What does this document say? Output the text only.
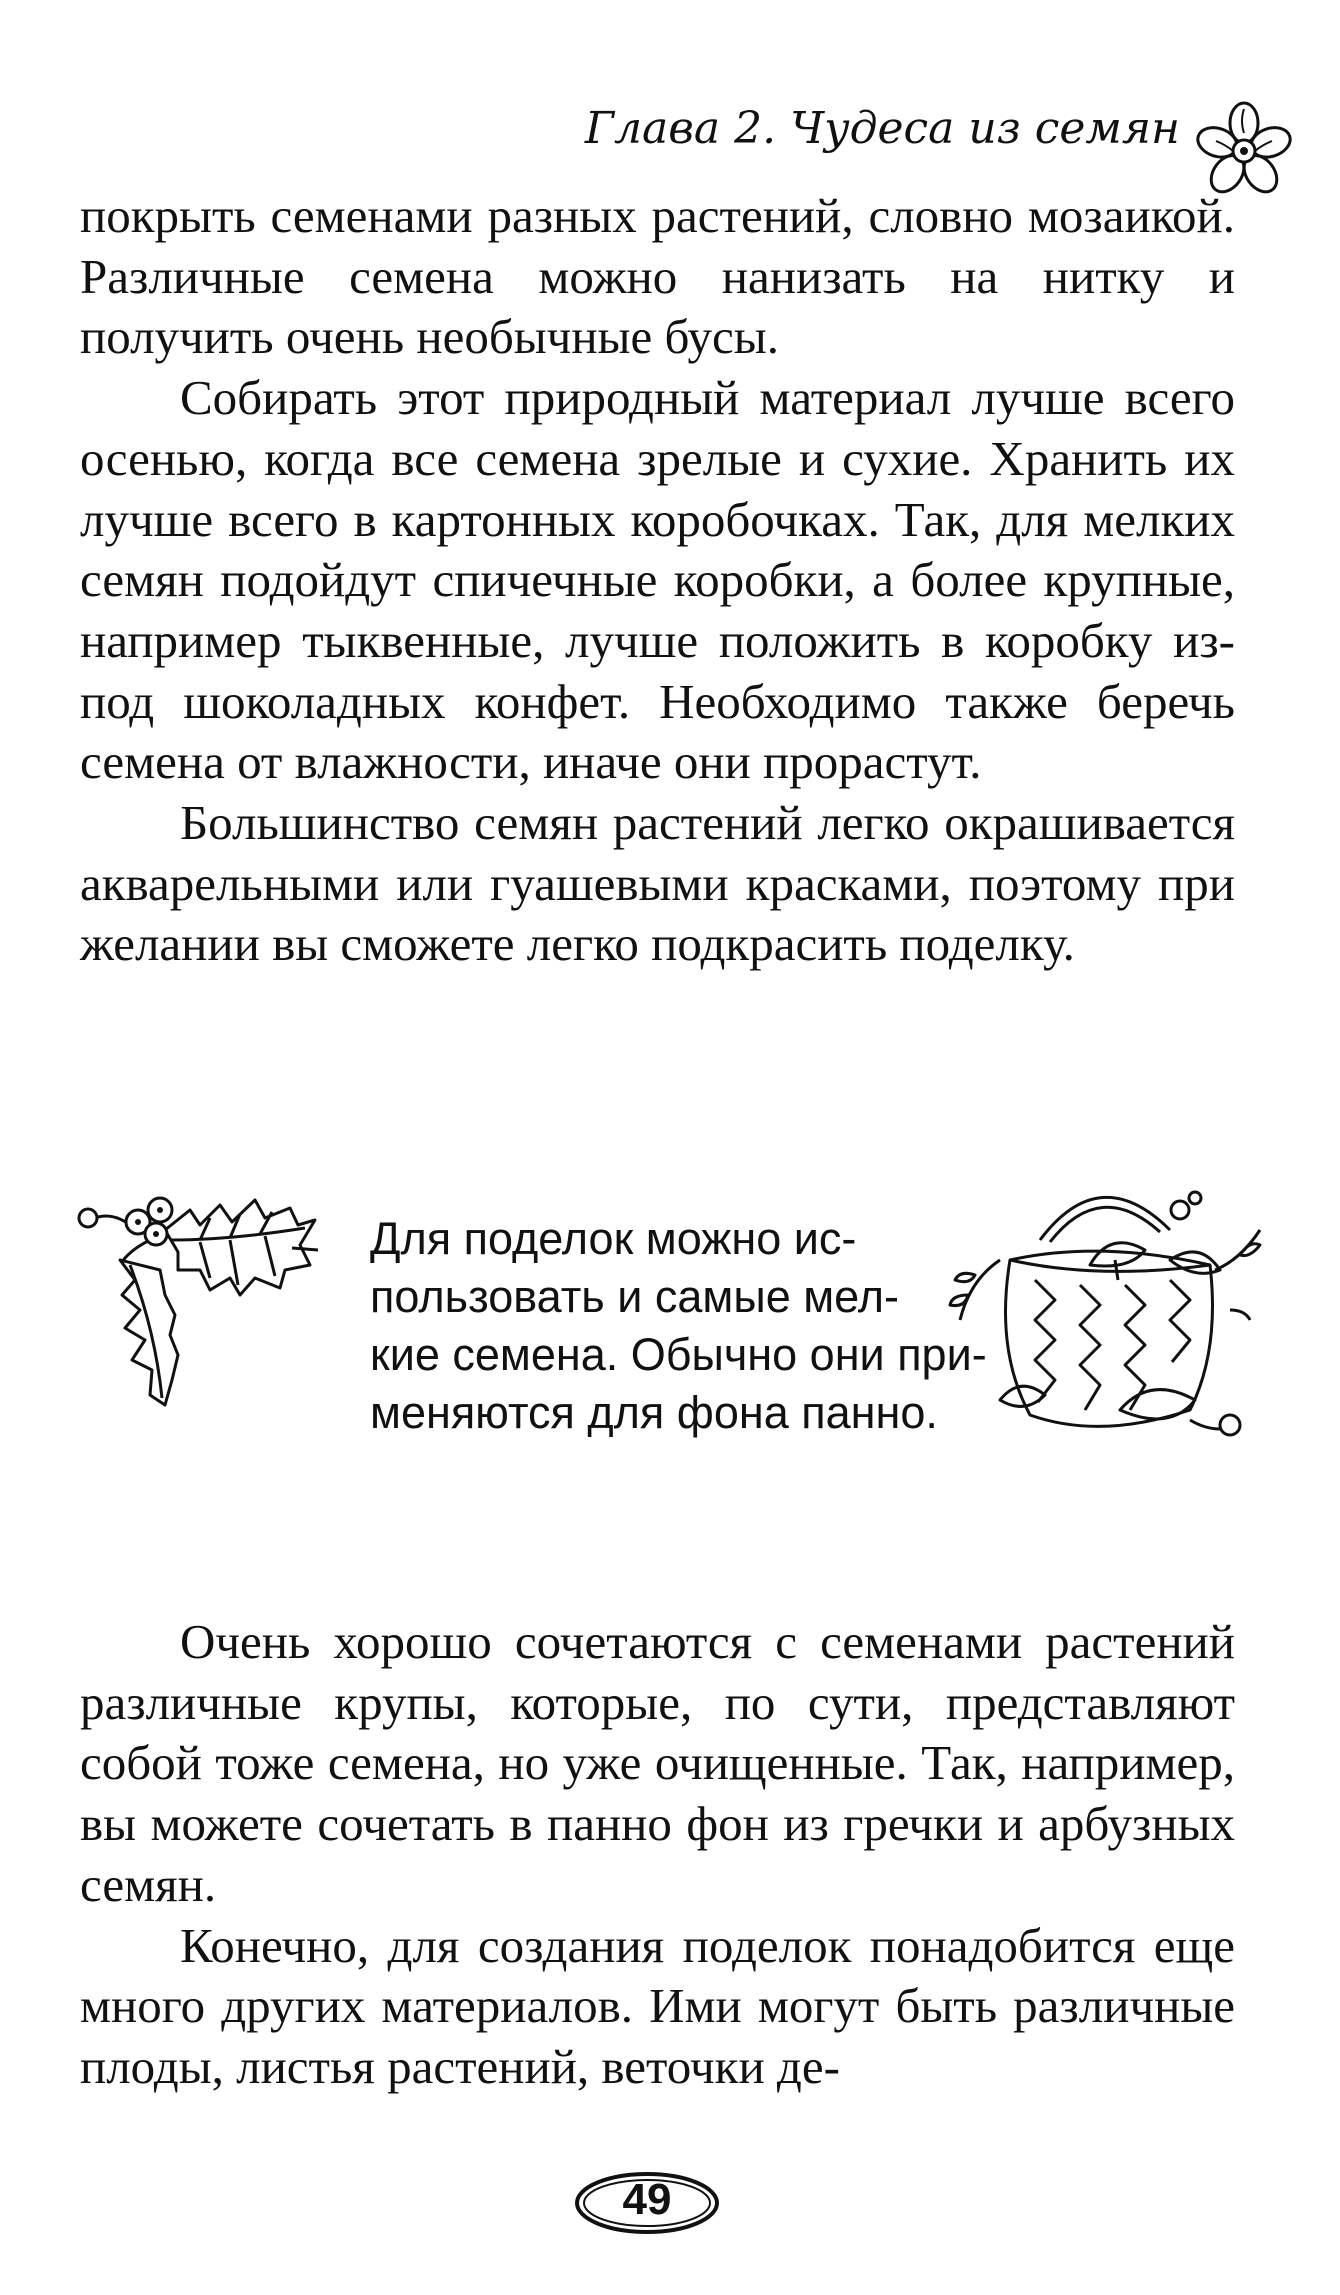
Глава 2. Чудеса из семян

покрыть семенами разных растений, словно мозаикой. Различные семена можно нанизать на нитку и получить очень необычные бусы.

Собирать этот природный материал лучше всего осенью, когда все семена зрелые и сухие. Хранить их лучше всего в картонных коробочках. Так, для мелких семян подойдут спичечные коробки, а более крупные, например тыквенные, лучше положить в коробку из-под шоколадных конфет. Необходимо также беречь семена от влажности, иначе они прорастут.

Большинство семян растений легко окрашивается акварельными или гуашевыми красками, поэтому при желании вы сможете легко подкрасить поделку.

Для поделок можно ис-
пользовать и самые мел-
кие семена. Обычно они при-
меняются для фона панно.

Очень хорошо сочетаются с семенами растений различные крупы, которые, по сути, представляют собой тоже семена, но уже очищенные. Так, например, вы можете сочетать в панно фон из гречки и арбузных семян.

Конечно, для создания поделок понадобится еще много других материалов. Ими могут быть различные плоды, листья растений, веточки де-

49
